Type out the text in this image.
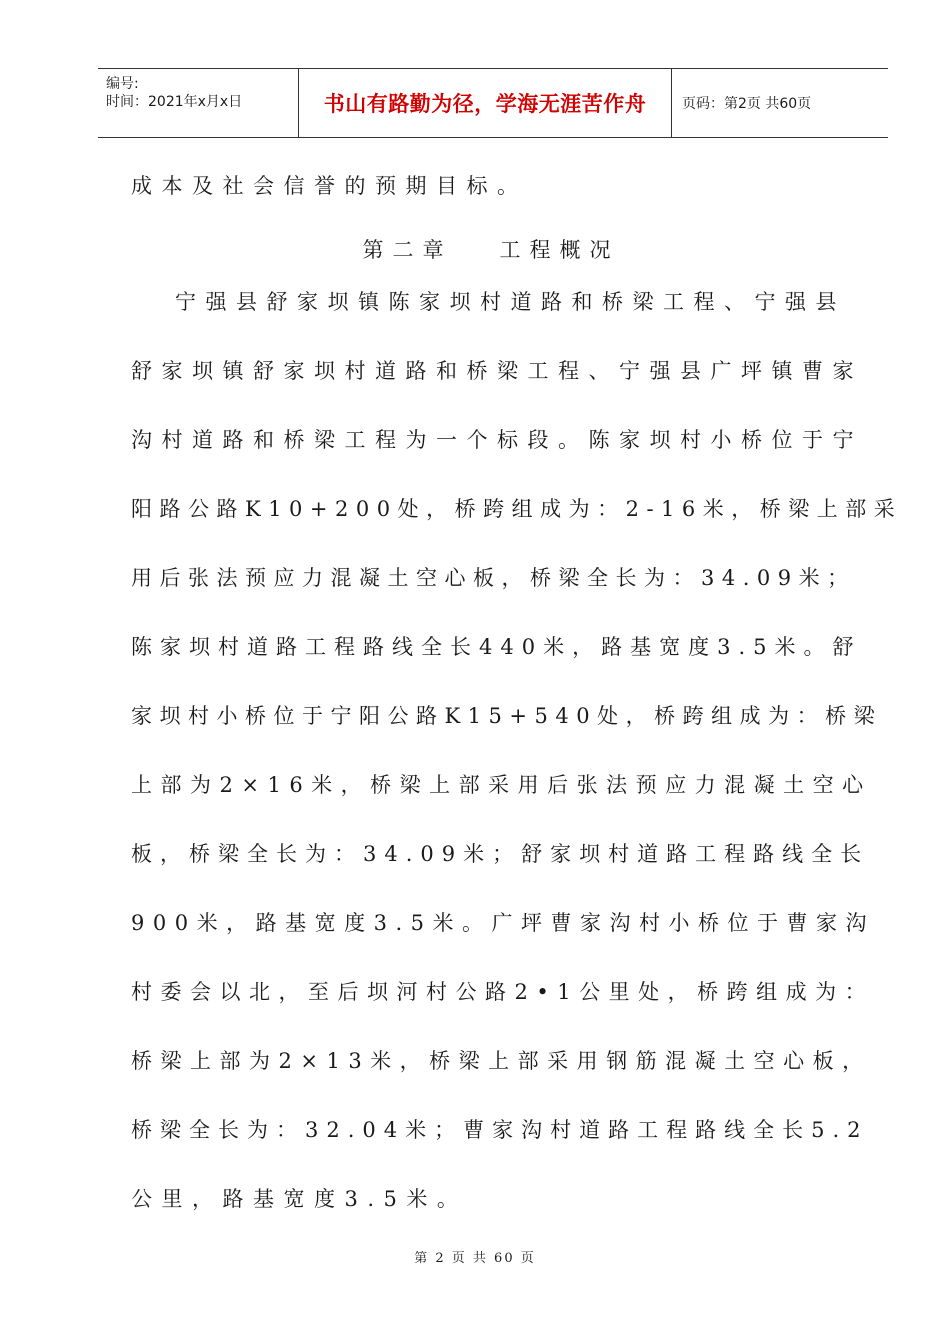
编号:
时间：2021年x月x日	书山有路勤为径，学海无涯苦作舟	页码：第2页 共60页
成本及社会信誉的预期目标。
第二章   工程概况
宁强县舒家坝镇陈家坝村道路和桥梁工程、宁强县
舒家坝镇舒家坝村道路和桥梁工程、宁强县广坪镇曹家
沟村道路和桥梁工程为一个标段。陈家坝村小桥位于宁
阳路公路K10+200处，桥跨组成为：2-16米，桥梁上部采
用后张法预应力混凝土空心板，桥梁全长为：34.09米；
陈家坝村道路工程路线全长440米，路基宽度3.5米。舒
家坝村小桥位于宁阳公路K15+540处，桥跨组成为：桥梁
上部为2×16米，桥梁上部采用后张法预应力混凝土空心
板，桥梁全长为：34.09米；舒家坝村道路工程路线全长
900米，路基宽度3.5米。广坪曹家沟村小桥位于曹家沟
村委会以北，至后坝河村公路2•1公里处，桥跨组成为：
桥梁上部为2×13米，桥梁上部采用钢筋混凝土空心板，
桥梁全长为：32.04米；曹家沟村道路工程路线全长5.2
公里，路基宽度3.5米。
第 2 页 共 60 页
